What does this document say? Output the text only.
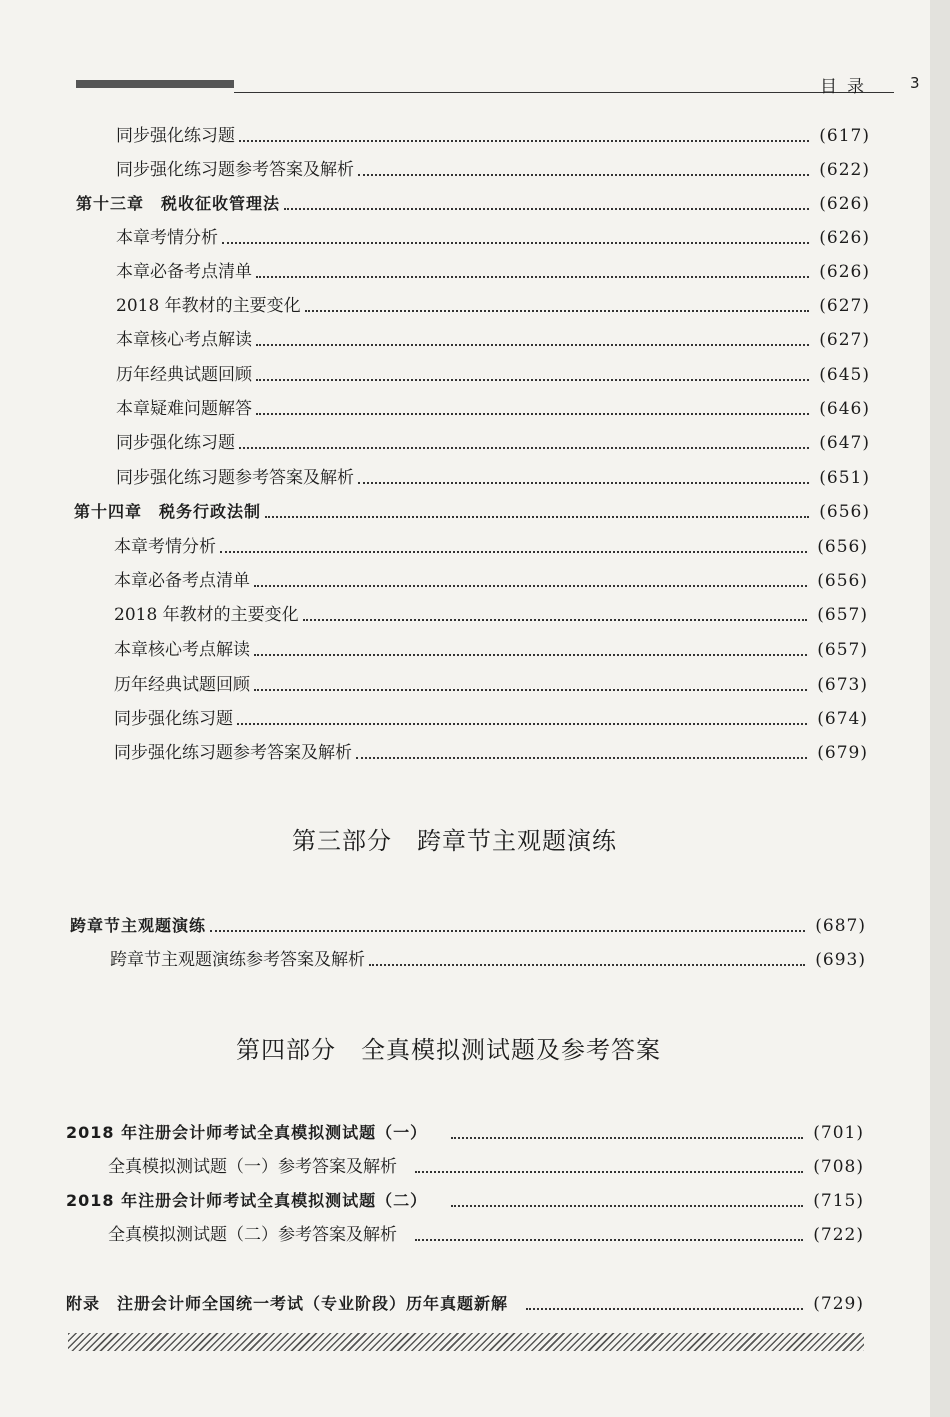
目录 3
同步强化练习题	(617)
同步强化练习题参考答案及解析	(622)
第十三章　税收征收管理法	(626)
本章考情分析	(626)
本章必备考点清单	(626)
2018 年教材的主要变化	(627)
本章核心考点解读	(627)
历年经典试题回顾	(645)
本章疑难问题解答	(646)
同步强化练习题	(647)
同步强化练习题参考答案及解析	(651)
第十四章　税务行政法制	(656)
本章考情分析	(656)
本章必备考点清单	(656)
2018 年教材的主要变化	(657)
本章核心考点解读	(657)
历年经典试题回顾	(673)
同步强化练习题	(674)
同步强化练习题参考答案及解析	(679)
第三部分　跨章节主观题演练
跨章节主观题演练	(687)
跨章节主观题演练参考答案及解析	(693)
第四部分　全真模拟测试题及参考答案
2018 年注册会计师考试全真模拟测试题（一）	(701)
全真模拟测试题（一）参考答案及解析	(708)
2018 年注册会计师考试全真模拟测试题（二）	(715)
全真模拟测试题（二）参考答案及解析	(722)
附录　注册会计师全国统一考试（专业阶段）历年真题新解	(729)
